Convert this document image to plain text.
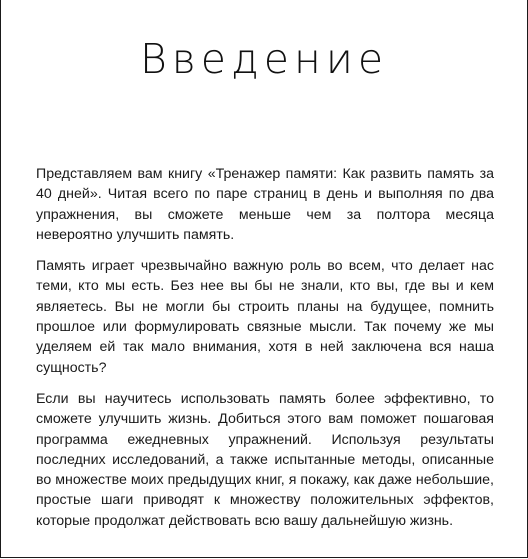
Введение

Представляем вам книгу «Тренажер памяти: Как развить память за 40 дней». Читая всего по паре страниц в день и выполняя по два упражнения, вы сможете меньше чем за полтора месяца невероятно улучшить память.

Память играет чрезвычайно важную роль во всем, что делает нас теми, кто мы есть. Без нее вы бы не знали, кто вы, где вы и кем являетесь. Вы не могли бы строить планы на будущее, помнить прошлое или формулировать связные мысли. Так почему же мы уделяем ей так мало внимания, хотя в ней заключена вся наша сущность?

Если вы научитесь использовать память более эффективно, то сможете улучшить жизнь. Добиться этого вам поможет пошаговая программа ежедневных упражнений. Используя результаты последних исследований, а также испытанные методы, описанные во множестве моих предыдущих книг, я покажу, как даже небольшие, простые шаги приводят к множеству положительных эффектов, которые продолжат действовать всю вашу дальнейшую жизнь.
